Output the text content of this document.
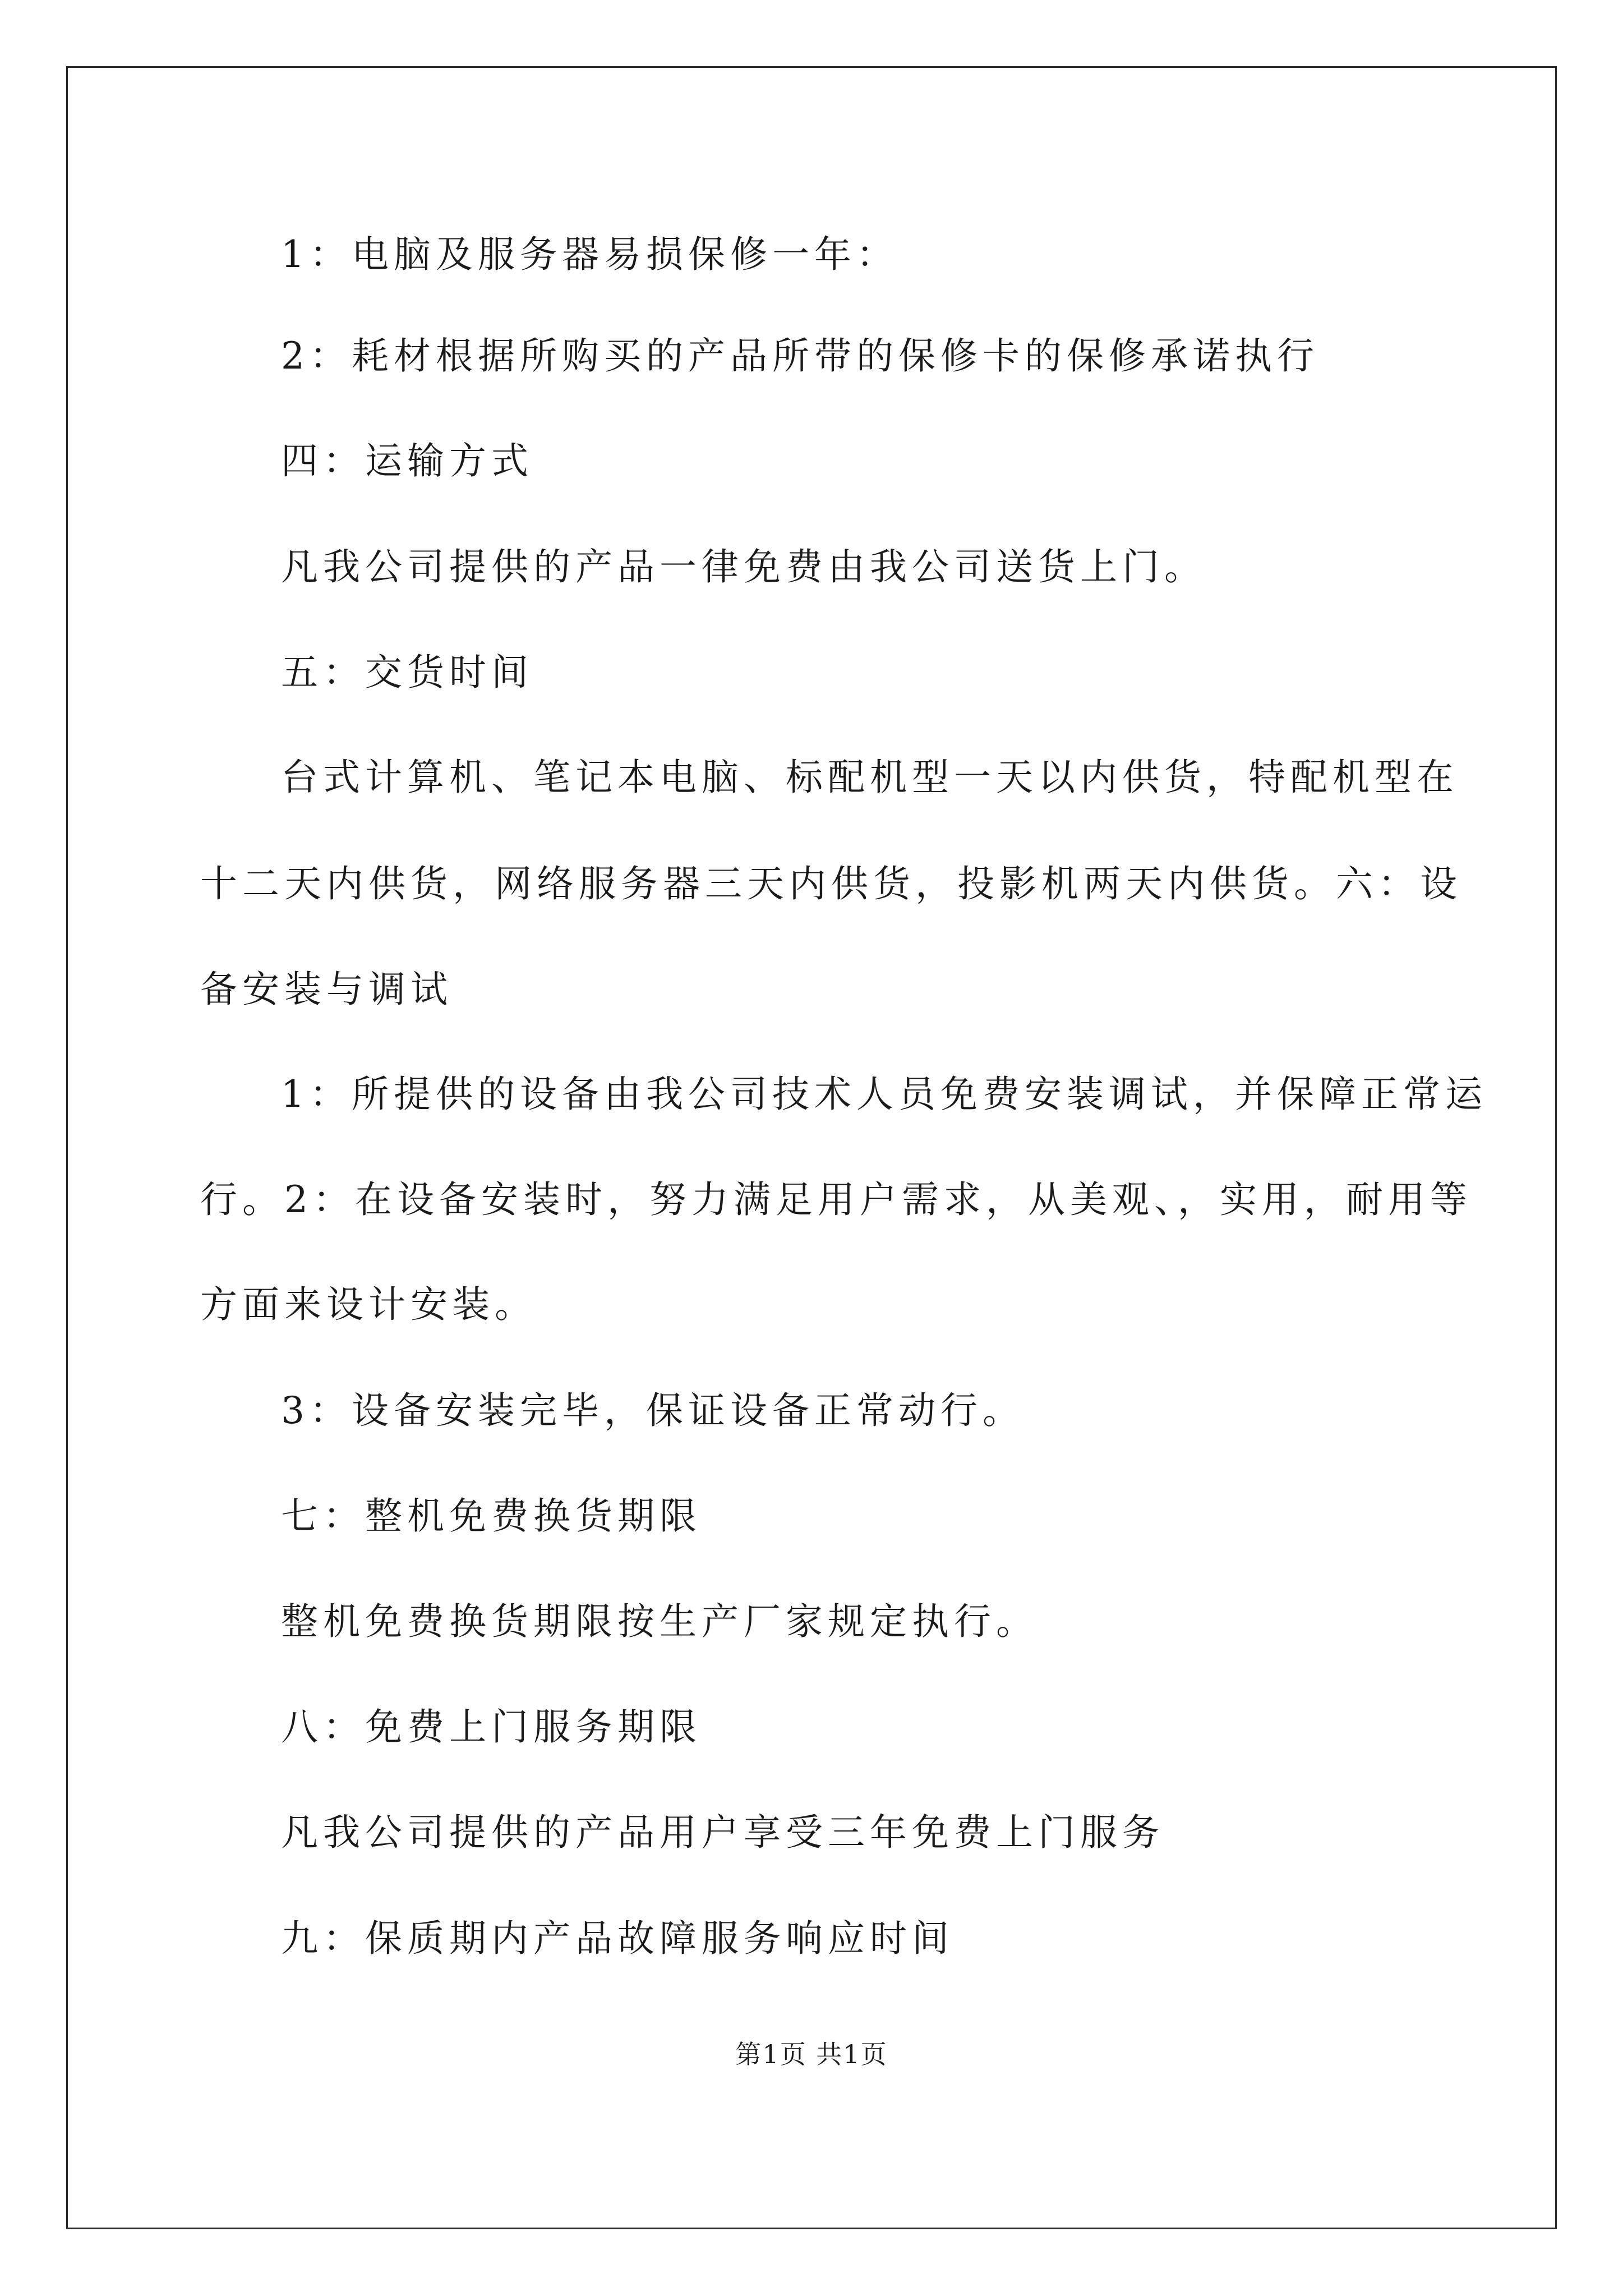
1：电脑及服务器易损保修一年：
2：耗材根据所购买的产品所带的保修卡的保修承诺执行
四：运输方式
凡我公司提供的产品一律免费由我公司送货上门。
五：交货时间
台式计算机、笔记本电脑、标配机型一天以内供货，特配机型在
十二天内供货，网络服务器三天内供货，投影机两天内供货。六：设
备安装与调试
1：所提供的设备由我公司技术人员免费安装调试，并保障正常运
行。2：在设备安装时，努力满足用户需求，从美观、，实用，耐用等
方面来设计安装。
3：设备安装完毕，保证设备正常动行。
七：整机免费换货期限
整机免费换货期限按生产厂家规定执行。
八：免费上门服务期限
凡我公司提供的产品用户享受三年免费上门服务
九：保质期内产品故障服务响应时间
第1页 共1页
